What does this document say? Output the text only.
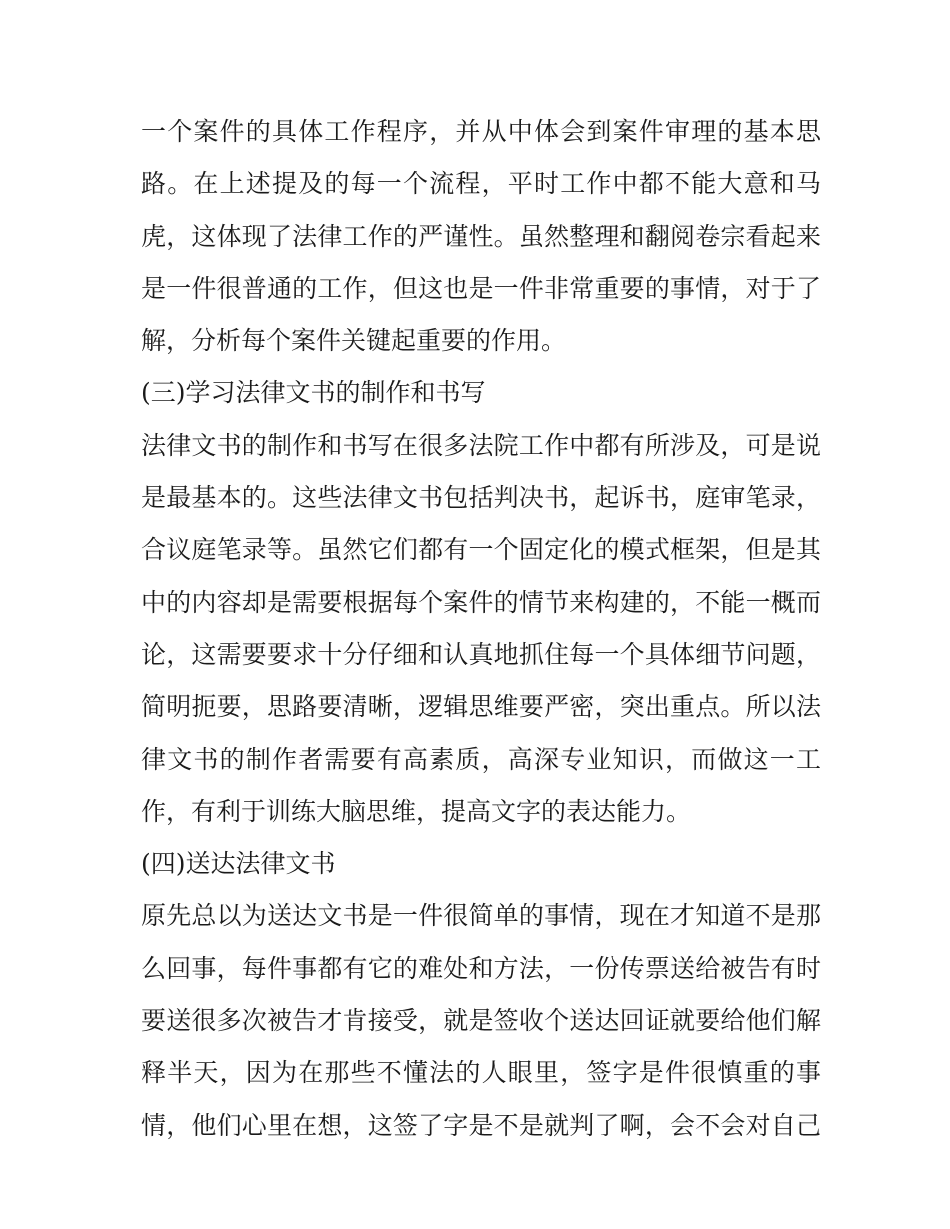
一个案件的具体工作程序，并从中体会到案件审理的基本思
路。在上述提及的每一个流程，平时工作中都不能大意和马
虎，这体现了法律工作的严谨性。虽然整理和翻阅卷宗看起来
是一件很普通的工作，但这也是一件非常重要的事情，对于了
解，分析每个案件关键起重要的作用。
(三)学习法律文书的制作和书写
法律文书的制作和书写在很多法院工作中都有所涉及，可是说
是最基本的。这些法律文书包括判决书，起诉书，庭审笔录，
合议庭笔录等。虽然它们都有一个固定化的模式框架，但是其
中的内容却是需要根据每个案件的情节来构建的，不能一概而
论，这需要要求十分仔细和认真地抓住每一个具体细节问题，
简明扼要，思路要清晰，逻辑思维要严密，突出重点。所以法
律文书的制作者需要有高素质，高深专业知识，而做这一工
作，有利于训练大脑思维，提高文字的表达能力。
(四)送达法律文书
原先总以为送达文书是一件很简单的事情，现在才知道不是那
么回事，每件事都有它的难处和方法，一份传票送给被告有时
要送很多次被告才肯接受，就是签收个送达回证就要给他们解
释半天，因为在那些不懂法的人眼里，签字是件很慎重的事
情，他们心里在想，这签了字是不是就判了啊，会不会对自己
